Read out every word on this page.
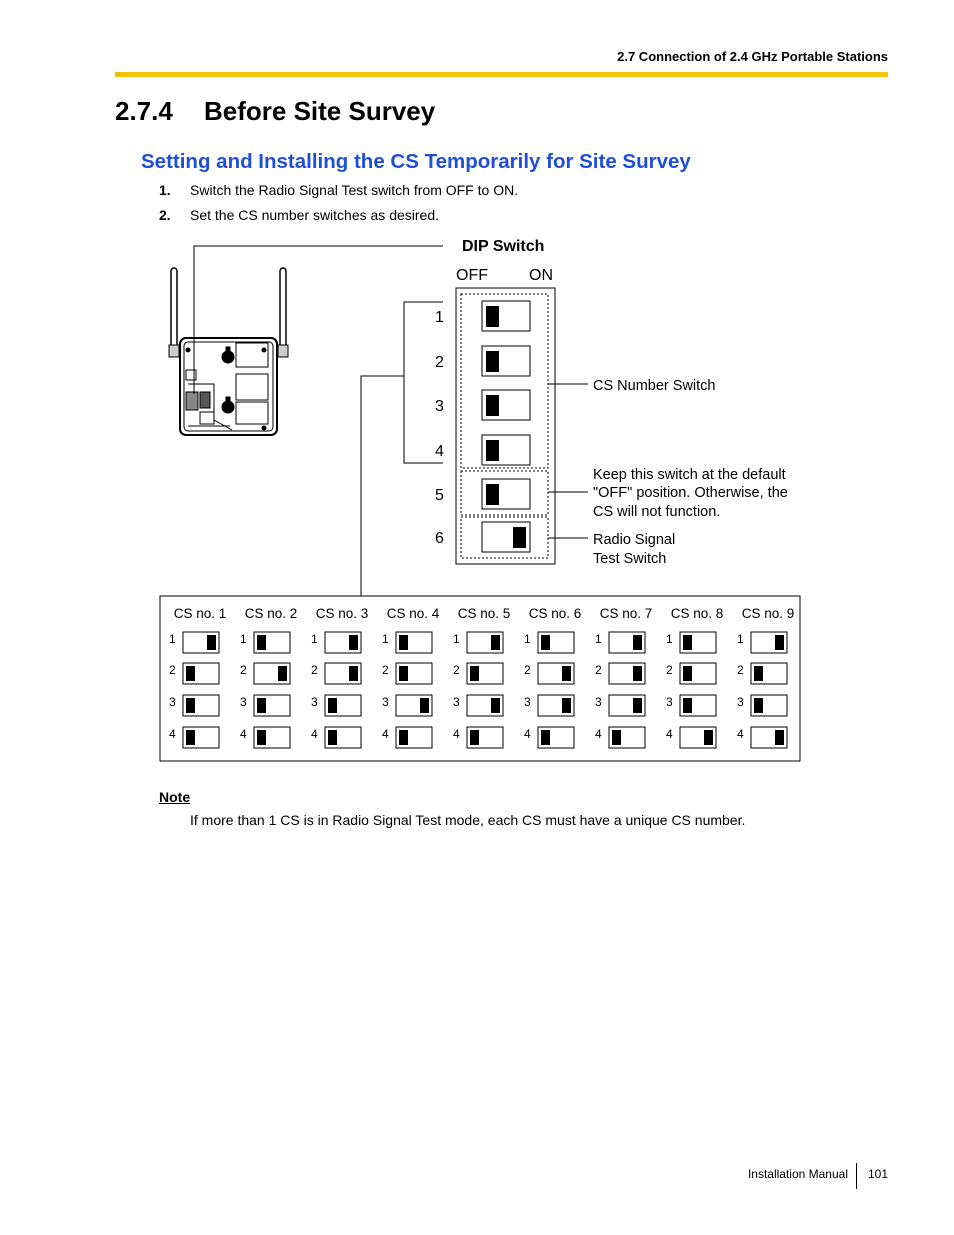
2.7 Connection of 2.4 GHz Portable Stations
2.7.4 Before Site Survey
Setting and Installing the CS Temporarily for Site Survey
1. Switch the Radio Signal Test switch from OFF to ON.
2. Set the CS number switches as desired.
DIP Switch
OFF	ON
1
2
3
4
5
6
CS Number Switch
Keep this switch at the default
"OFF" position. Otherwise, the
CS will not function.
Radio Signal
Test Switch
CS no. 1
1
2
3
4
CS no. 2
1
2
3
4
CS no. 3
1
2
3
4
CS no. 4
1
2
3
4
CS no. 5
1
2
3
4
CS no. 6
1
2
3
4
CS no. 7
1
2
3
4
CS no. 8
1
2
3
4
CS no. 9
1
2
3
4
Note
If more than 1 CS is in Radio Signal Test mode, each CS must have a unique CS number.
Installation Manual 101
